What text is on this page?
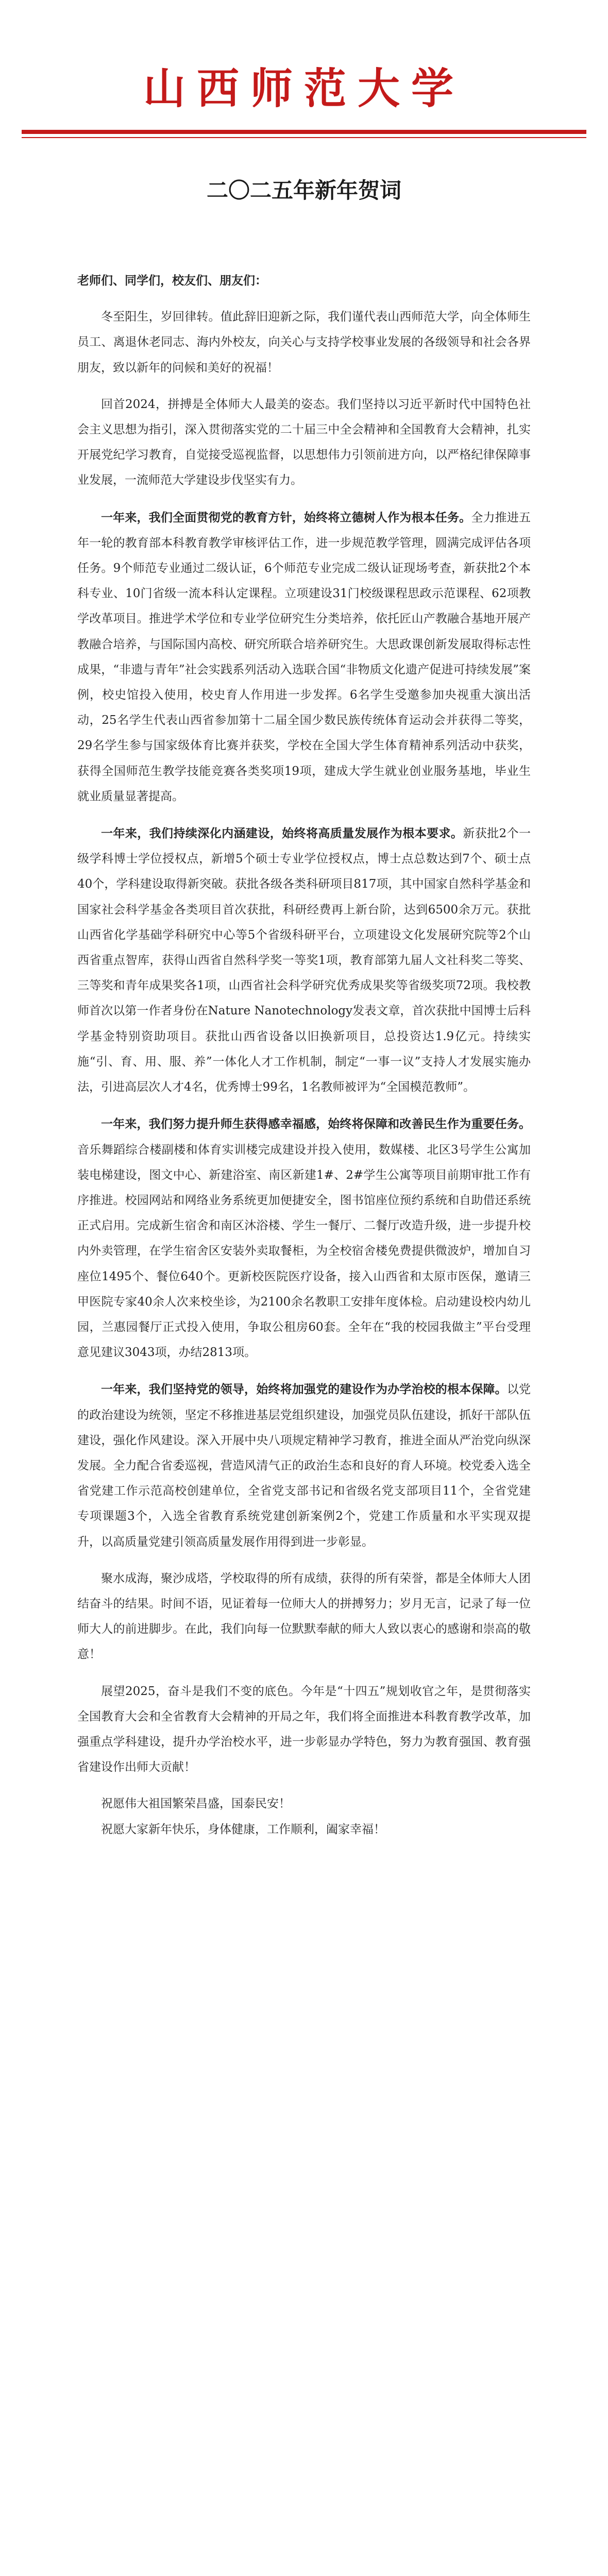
山西师范大学
二〇二五年新年贺词

老师们、同学们，校友们、朋友们：

冬至阳生，岁回律转。值此辞旧迎新之际，我们谨代表山西师范大学，向全体师生员工、离退休老同志、海内外校友，向关心与支持学校事业发展的各级领导和社会各界朋友，致以新年的问候和美好的祝福！

回首2024，拼搏是全体师大人最美的姿态。我们坚持以习近平新时代中国特色社会主义思想为指引，深入贯彻落实党的二十届三中全会精神和全国教育大会精神，扎实开展党纪学习教育，自觉接受巡视监督，以思想伟力引领前进方向，以严格纪律保障事业发展，一流师范大学建设步伐坚实有力。

一年来，我们全面贯彻党的教育方针，始终将立德树人作为根本任务。全力推进五年一轮的教育部本科教育教学审核评估工作，进一步规范教学管理，圆满完成评估各项任务。9个师范专业通过二级认证，6个师范专业完成二级认证现场考查，新获批2个本科专业、10门省级一流本科认定课程。立项建设31门校级课程思政示范课程、62项教学改革项目。推进学术学位和专业学位研究生分类培养，依托匠山产教融合基地开展产教融合培养，与国际国内高校、研究所联合培养研究生。大思政课创新发展取得标志性成果，“非遗与青年”社会实践系列活动入选联合国“非物质文化遗产促进可持续发展”案例，校史馆投入使用，校史育人作用进一步发挥。6名学生受邀参加央视重大演出活动，25名学生代表山西省参加第十二届全国少数民族传统体育运动会并获得二等奖，29名学生参与国家级体育比赛并获奖，学校在全国大学生体育精神系列活动中获奖，获得全国师范生教学技能竞赛各类奖项19项，建成大学生就业创业服务基地，毕业生就业质量显著提高。

一年来，我们持续深化内涵建设，始终将高质量发展作为根本要求。新获批2个一级学科博士学位授权点，新增5个硕士专业学位授权点，博士点总数达到7个、硕士点40个，学科建设取得新突破。获批各级各类科研项目817项，其中国家自然科学基金和国家社会科学基金各类项目首次获批，科研经费再上新台阶，达到6500余万元。获批山西省化学基础学科研究中心等5个省级科研平台，立项建设文化发展研究院等2个山西省重点智库，获得山西省自然科学奖一等奖1项，教育部第九届人文社科奖二等奖、三等奖和青年成果奖各1项，山西省社会科学研究优秀成果奖等省级奖项72项。我校教师首次以第一作者身份在Nature Nanotechnology发表文章，首次获批中国博士后科学基金特别资助项目。获批山西省设备以旧换新项目，总投资达1.9亿元。持续实施“引、育、用、服、养”一体化人才工作机制，制定“一事一议”支持人才发展实施办法，引进高层次人才4名，优秀博士99名，1名教师被评为“全国模范教师”。

一年来，我们努力提升师生获得感幸福感，始终将保障和改善民生作为重要任务。音乐舞蹈综合楼副楼和体育实训楼完成建设并投入使用，数媒楼、北区3号学生公寓加装电梯建设，图文中心、新建浴室、南区新建1#、2#学生公寓等项目前期审批工作有序推进。校园网站和网络业务系统更加便捷安全，图书馆座位预约系统和自助借还系统正式启用。完成新生宿舍和南区沐浴楼、学生一餐厅、二餐厅改造升级，进一步提升校内外卖管理，在学生宿舍区安装外卖取餐柜，为全校宿舍楼免费提供微波炉，增加自习座位1495个、餐位640个。更新校医院医疗设备，接入山西省和太原市医保，邀请三甲医院专家40余人次来校坐诊，为2100余名教职工安排年度体检。启动建设校内幼儿园，兰惠园餐厅正式投入使用，争取公租房60套。全年在“我的校园我做主”平台受理意见建议3043项，办结2813项。

一年来，我们坚持党的领导，始终将加强党的建设作为办学治校的根本保障。以党的政治建设为统领，坚定不移推进基层党组织建设，加强党员队伍建设，抓好干部队伍建设，强化作风建设。深入开展中央八项规定精神学习教育，推进全面从严治党向纵深发展。全力配合省委巡视，营造风清气正的政治生态和良好的育人环境。校党委入选全省党建工作示范高校创建单位，全省党支部书记和省级名党支部项目11个，全省党建专项课题3个，入选全省教育系统党建创新案例2个，党建工作质量和水平实现双提升，以高质量党建引领高质量发展作用得到进一步彰显。

聚水成海，聚沙成塔，学校取得的所有成绩，获得的所有荣誉，都是全体师大人团结奋斗的结果。时间不语，见证着每一位师大人的拼搏努力；岁月无言，记录了每一位师大人的前进脚步。在此，我们向每一位默默奉献的师大人致以衷心的感谢和崇高的敬意！

展望2025，奋斗是我们不变的底色。今年是“十四五”规划收官之年，是贯彻落实全国教育大会和全省教育大会精神的开局之年，我们将全面推进本科教育教学改革，加强重点学科建设，提升办学治校水平，进一步彰显办学特色，努力为教育强国、教育强省建设作出师大贡献！

祝愿伟大祖国繁荣昌盛，国泰民安！

祝愿大家新年快乐，身体健康，工作顺利，阖家幸福！
